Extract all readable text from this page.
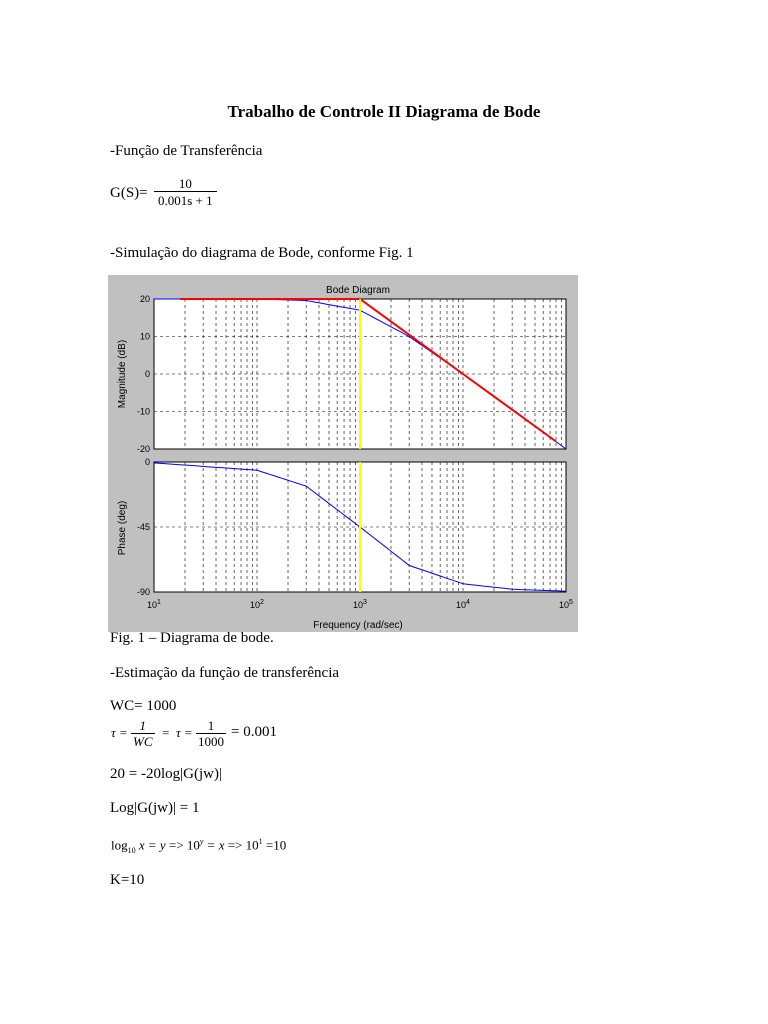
Trabalho de Controle II Diagrama de Bode
-Função de Transferência
$G(S)= \frac{10}{0.001s + 1}$
-Simulação do diagrama de Bode, conforme Fig. 1
Bode Diagram
20
10
0
-10
-20
0
-45
-90
$10^1$	$10^2$	$10^3$	$10^4$	$10^5$
Frequency (rad/sec)
Magnitude (dB)
Phase (deg)
Fig. 1 – Diagrama de bode.
-Estimação da função de transferência
WC= 1000
$\tau = \frac{1}{WC} = \tau = \frac{1}{1000} = 0.001$
20 = -20log|G(jw)|
Log|G(jw)| = 1
$\log_{10} x = y => 10^y = x => 10^1 =10$
K=10
